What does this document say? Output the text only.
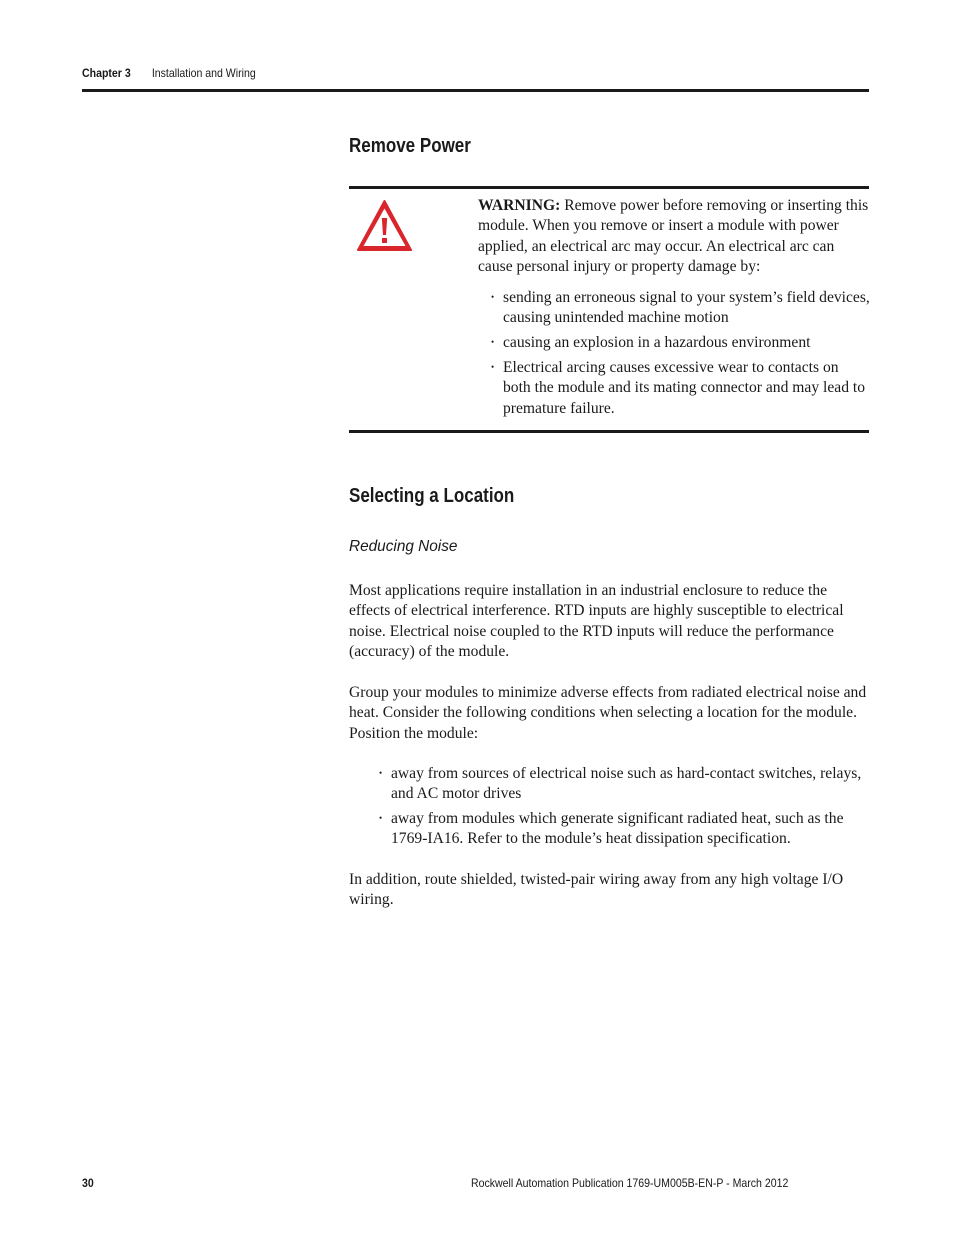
Chapter 3 Installation and Wiring
Remove Power

WARNING: Remove power before removing or inserting this module. When you remove or insert a module with power applied, an electrical arc may occur. An electrical arc can cause personal injury or property damage by:

• sending an erroneous signal to your system’s field devices, causing unintended machine motion
• causing an explosion in a hazardous environment
• Electrical arcing causes excessive wear to contacts on both the module and its mating connector and may lead to premature failure.
Selecting a Location
Reducing Noise

Most applications require installation in an industrial enclosure to reduce the effects of electrical interference. RTD inputs are highly susceptible to electrical noise. Electrical noise coupled to the RTD inputs will reduce the performance (accuracy) of the module.

Group your modules to minimize adverse effects from radiated electrical noise and heat. Consider the following conditions when selecting a location for the module. Position the module:

• away from sources of electrical noise such as hard-contact switches, relays, and AC motor drives
• away from modules which generate significant radiated heat, such as the 1769-IA16. Refer to the module’s heat dissipation specification.

In addition, route shielded, twisted-pair wiring away from any high voltage I/O wiring.

30	Rockwell Automation Publication 1769-UM005B-EN-P - March 2012
